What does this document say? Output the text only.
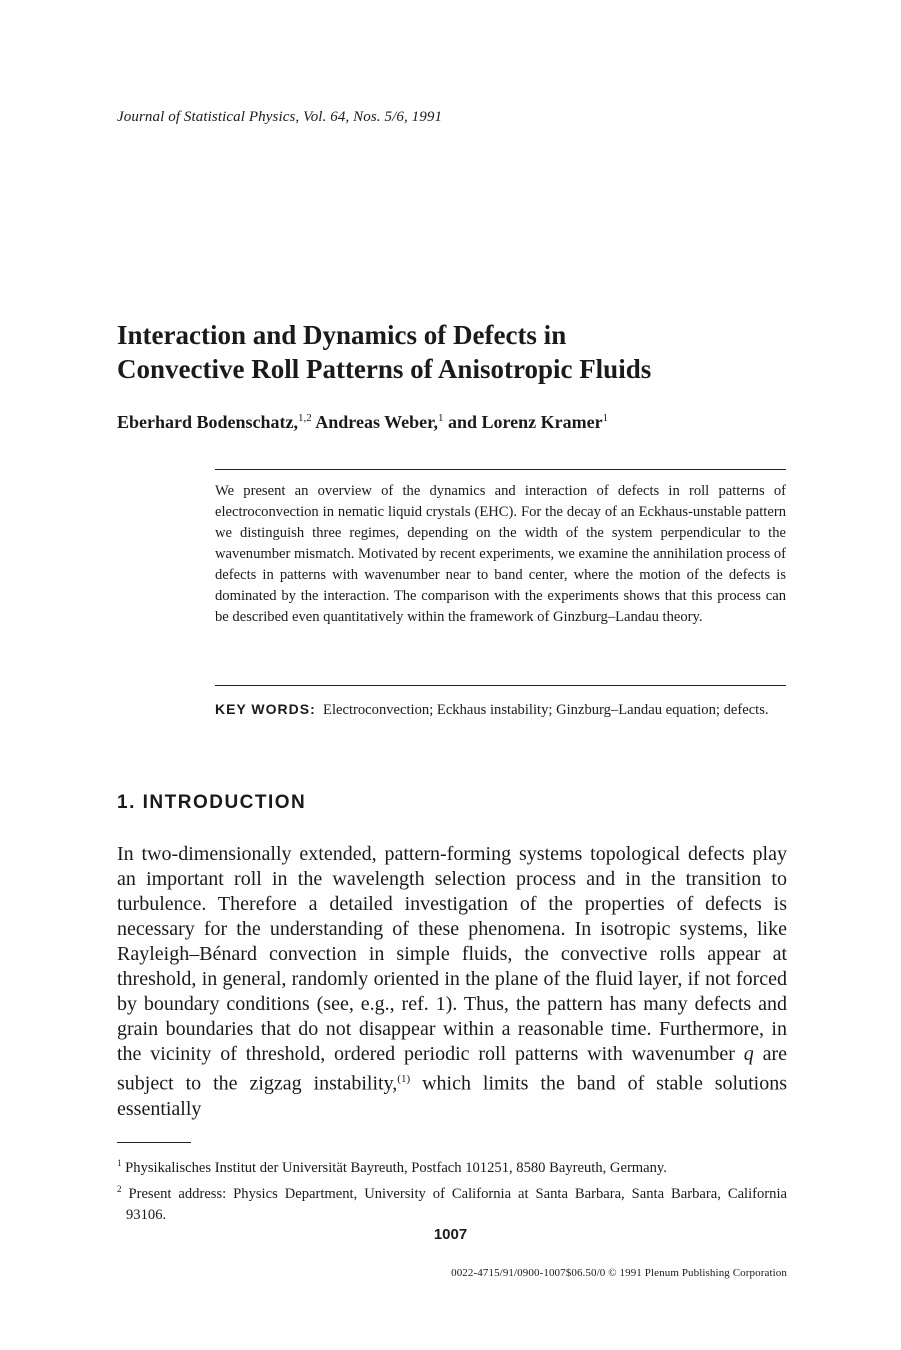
Journal of Statistical Physics, Vol. 64, Nos. 5/6, 1991
Interaction and Dynamics of Defects in
Convective Roll Patterns of Anisotropic Fluids
Eberhard Bodenschatz,$^{1,2}$ Andreas Weber,$^1$ and Lorenz Kramer$^1$

We present an overview of the dynamics and interaction of defects in roll patterns of electroconvection in nematic liquid crystals (EHC). For the decay of an Eckhaus-unstable pattern we distinguish three regimes, depending on the width of the system perpendicular to the wavenumber mismatch. Motivated by recent experiments, we examine the annihilation process of defects in patterns with wavenumber near to band center, where the motion of the defects is dominated by the interaction. The comparison with the experiments shows that this process can be described even quantitatively within the framework of Ginzburg–Landau theory.

KEY WORDS: Electroconvection; Eckhaus instability; Ginzburg–Landau equation; defects.

1. INTRODUCTION

In two-dimensionally extended, pattern-forming systems topological defects play an important roll in the wavelength selection process and in the transition to turbulence. Therefore a detailed investigation of the properties of defects is necessary for the understanding of these phenomena. In isotropic systems, like Rayleigh–Bénard convection in simple fluids, the convective rolls appear at threshold, in general, randomly oriented in the plane of the fluid layer, if not forced by boundary conditions (see, e.g., ref. 1). Thus, the pattern has many defects and grain boundaries that do not disappear within a reasonable time. Furthermore, in the vicinity of threshold, ordered periodic roll patterns with wavenumber q are subject to the zigzag instability,$^{(1)}$ which limits the band of stable solutions essentially

$^1$ Physikalisches Institut der Universität Bayreuth, Postfach 101251, 8580 Bayreuth, Germany.
$^2$ Present address: Physics Department, University of California at Santa Barbara, Santa Barbara, California 93106.
1007
0022-4715/91/0900-1007$06.50/0 © 1991 Plenum Publishing Corporation
